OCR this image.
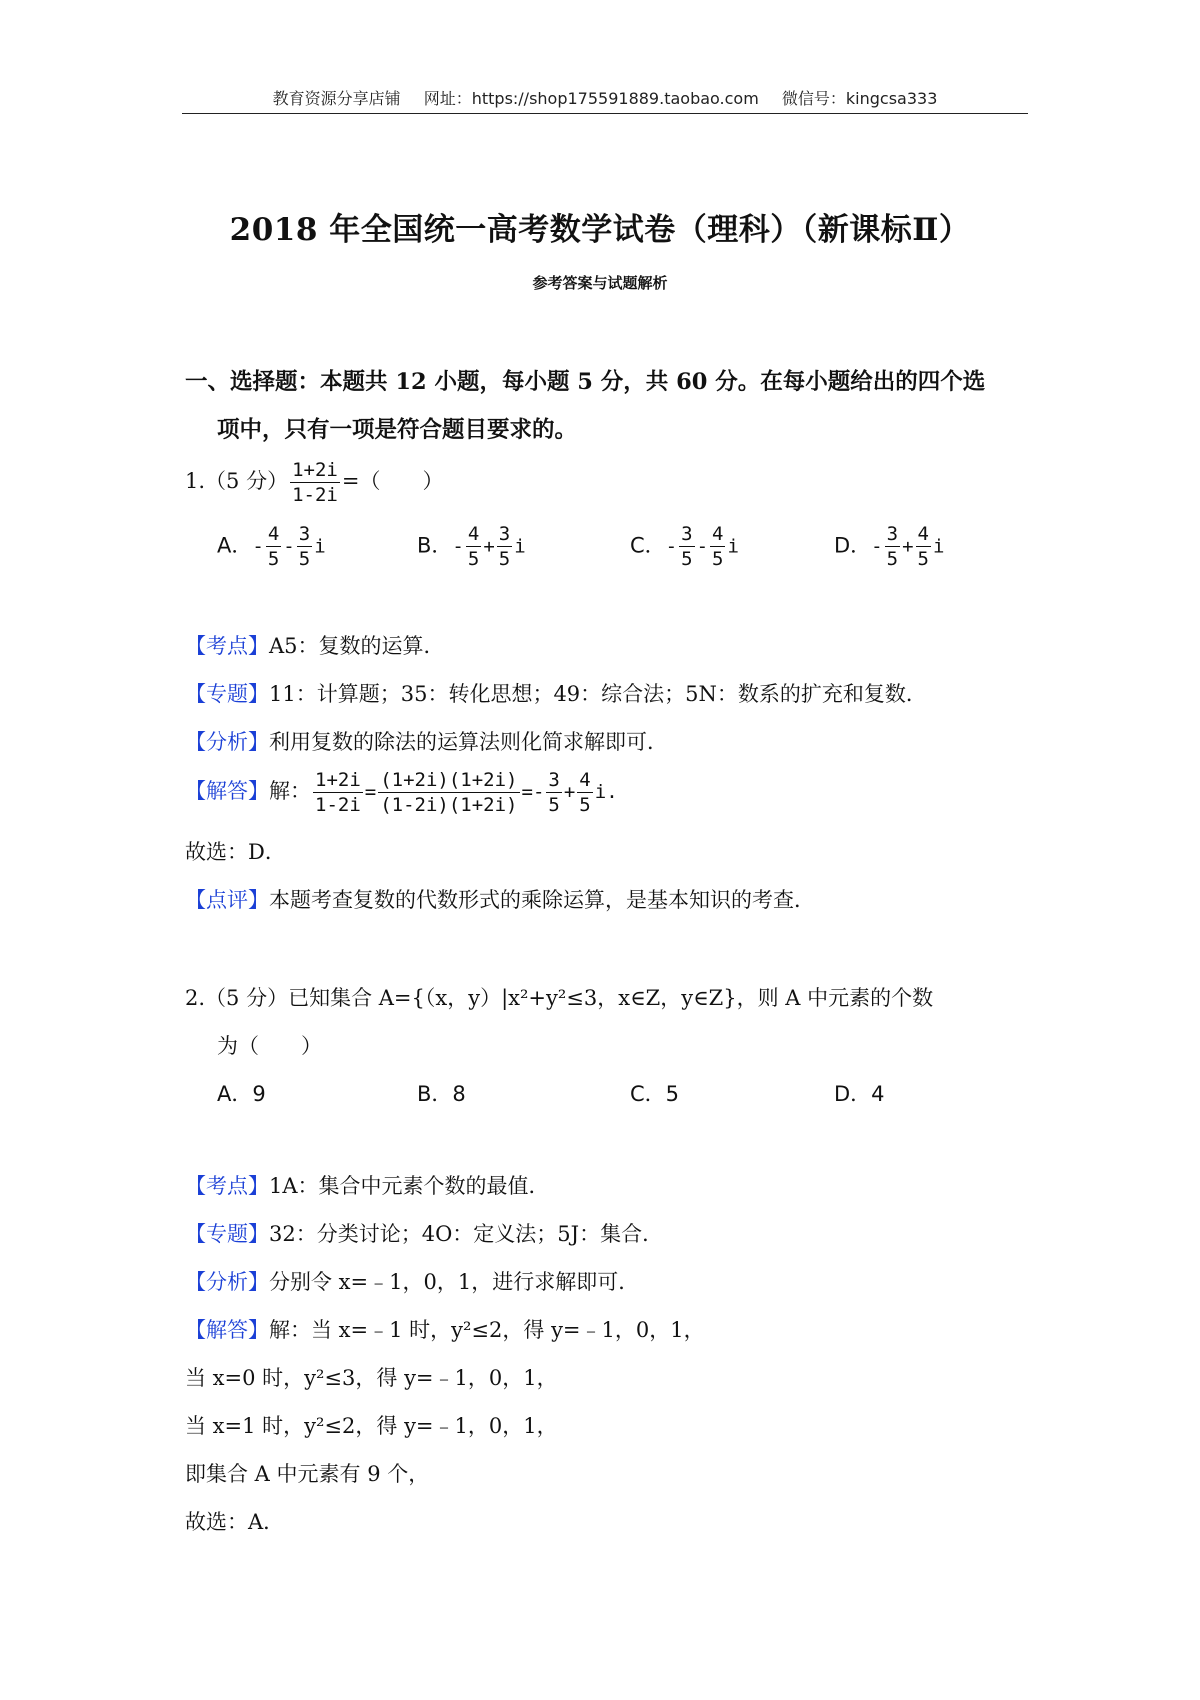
教育资源分享店铺 网址：https://shop175591889.taobao.com 微信号：kingcsa333
2018 年全国统一高考数学试卷（理科）（新课标Ⅱ）
参考答案与试题解析
一、选择题：本题共 12 小题，每小题 5 分，共 60 分。在每小题给出的四个选
项中，只有一项是符合题目要求的。
1.（5 分） $\frac{1+2i}{1-2i}$ =（　　）
A．- $\frac{4}{5} - \frac{3}{5}$ i	B．- $\frac{4}{5} + \frac{3}{5}$ i	C．- $\frac{3}{5} - \frac{4}{5}$ i	D．- $\frac{3}{5} + \frac{4}{5}$ i
【考点】A5：复数的运算．
【专题】11：计算题；35：转化思想；49：综合法；5N：数系的扩充和复数．
【分析】利用复数的除法的运算法则化简求解即可．
【解答】解： $\frac{1+2i}{1-2i} = \frac{(1+2i)(1+2i)}{(1-2i)(1+2i)} =- \frac{3}{5} + \frac{4}{5} i$.
故选：D．
【点评】本题考查复数的代数形式的乘除运算，是基本知识的考查．
2.（5 分）已知集合 A={（x，y）|x²+y²≤3，x∈Z，y∈Z}，则 A 中元素的个数
为（　　）
A．9	B．8	C．5	D．4
【考点】1A：集合中元素个数的最值．
【专题】32：分类讨论；4O：定义法；5J：集合．
【分析】分别令 x=﹣1，0，1，进行求解即可．
【解答】解：当 x=﹣1 时，y²≤2，得 y=﹣1，0，1，
当 x=0 时，y²≤3，得 y=﹣1，0，1，
当 x=1 时，y²≤2，得 y=﹣1，0，1，
即集合 A 中元素有 9 个，
故选：A．
